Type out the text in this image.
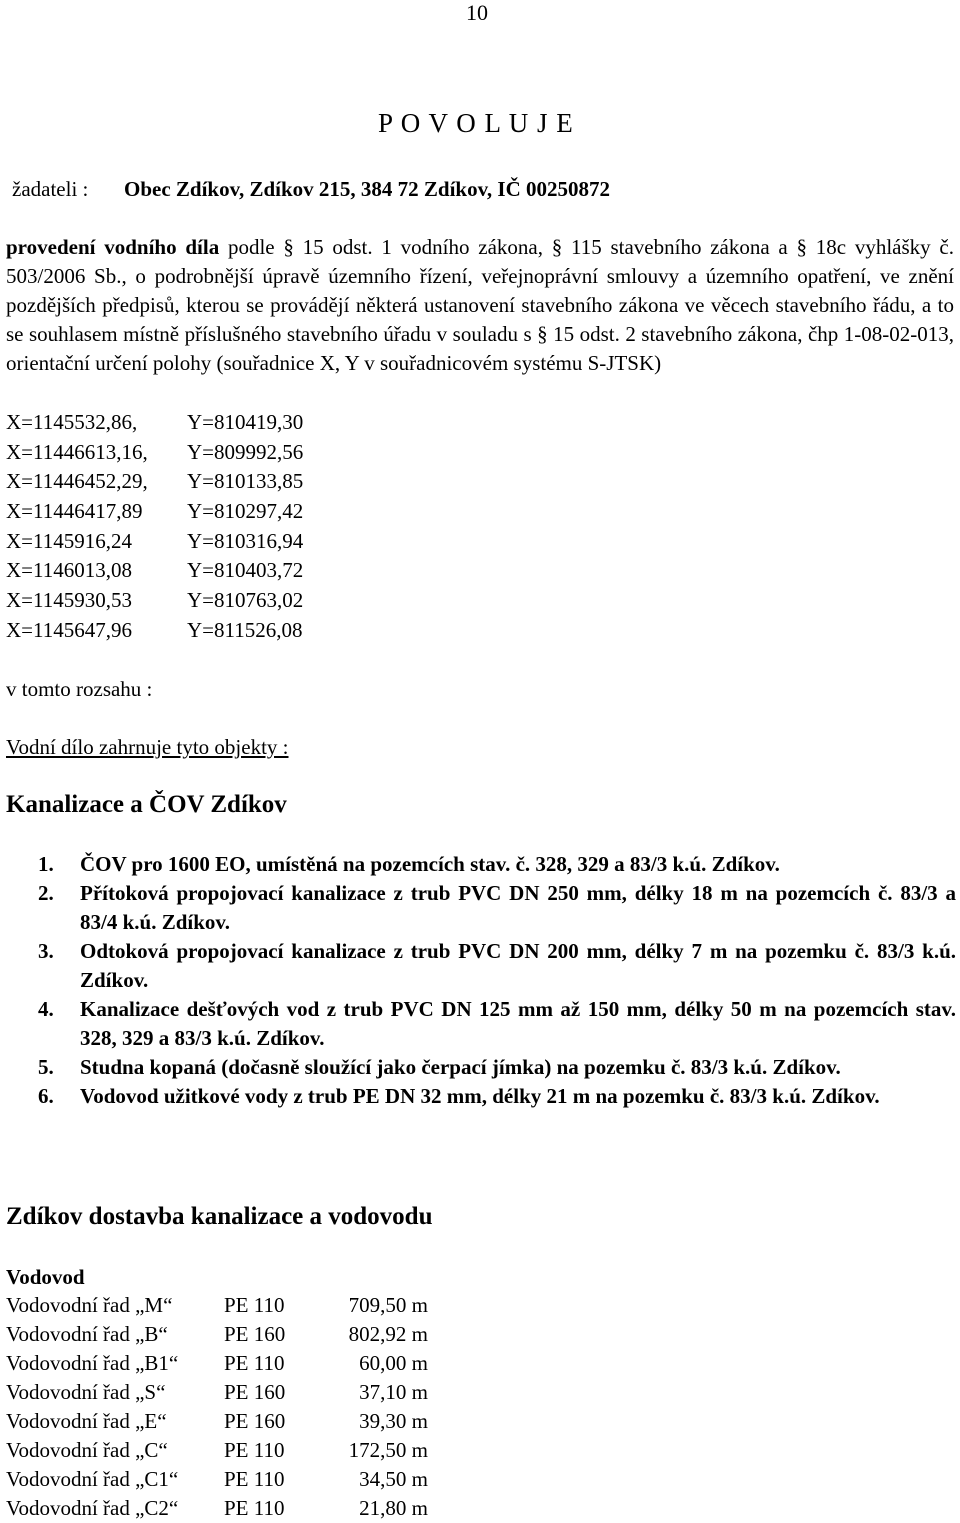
10
P O V O L U J E
žadateli : Obec Zdíkov, Zdíkov 215, 384 72 Zdíkov, IČ 00250872
provedení vodního díla podle § 15 odst. 1 vodního zákona, § 115 stavebního zákona a § 18c vyhlášky č. 503/2006 Sb., o podrobnější úpravě územního řízení, veřejnoprávní smlouvy a územního opatření, ve znění pozdějších předpisů, kterou se provádějí některá ustanovení stavebního zákona ve věcech stavebního řádu, a to se souhlasem místně příslušného stavebního úřadu v souladu s § 15 odst. 2 stavebního zákona, čhp 1-08-02-013, orientační určení polohy (souřadnice X, Y v souřadnicovém systému S-JTSK)
X=1145532,86, Y=810419,30
X=11446613,16, Y=809992,56
X=11446452,29, Y=810133,85
X=11446417,89 Y=810297,42
X=1145916,24	Y=810316,94
X=1146013,08	Y=810403,72
X=1145930,53	Y=810763,02
X=1145647,96	Y=811526,08
v tomto rozsahu :
Vodní dílo zahrnuje tyto objekty :
Kanalizace a ČOV Zdíkov
1. ČOV pro 1600 EO, umístěná na pozemcích stav. č. 328, 329 a 83/3 k.ú. Zdíkov.
2. Přítoková propojovací kanalizace z trub PVC DN 250 mm, délky 18 m na pozemcích č. 83/3 a 83/4 k.ú. Zdíkov.
3. Odtoková propojovací kanalizace z trub PVC DN 200 mm, délky 7 m na pozemku č. 83/3 k.ú. Zdíkov.
4. Kanalizace dešťových vod z trub PVC DN 125 mm až 150 mm, délky 50 m na pozemcích stav. 328, 329 a 83/3 k.ú. Zdíkov.
5. Studna kopaná (dočasně sloužící jako čerpací jímka) na pozemku č. 83/3 k.ú. Zdíkov.
6. Vodovod užitkové vody z trub PE DN 32 mm, délky 21 m na pozemku č. 83/3 k.ú. Zdíkov.
Zdíkov dostavba kanalizace a vodovodu
Vodovod
Vodovodní řad „M“	PE 110	709,50 m
Vodovodní řad „B“	PE 160	802,92 m
Vodovodní řad „B1“	PE 110	60,00 m
Vodovodní řad „S“	PE 160	37,10 m
Vodovodní řad „E“	PE 160	39,30 m
Vodovodní řad „C“	PE 110	172,50 m
Vodovodní řad „C1“	PE 110	34,50 m
Vodovodní řad „C2“	PE 110	21,80 m
